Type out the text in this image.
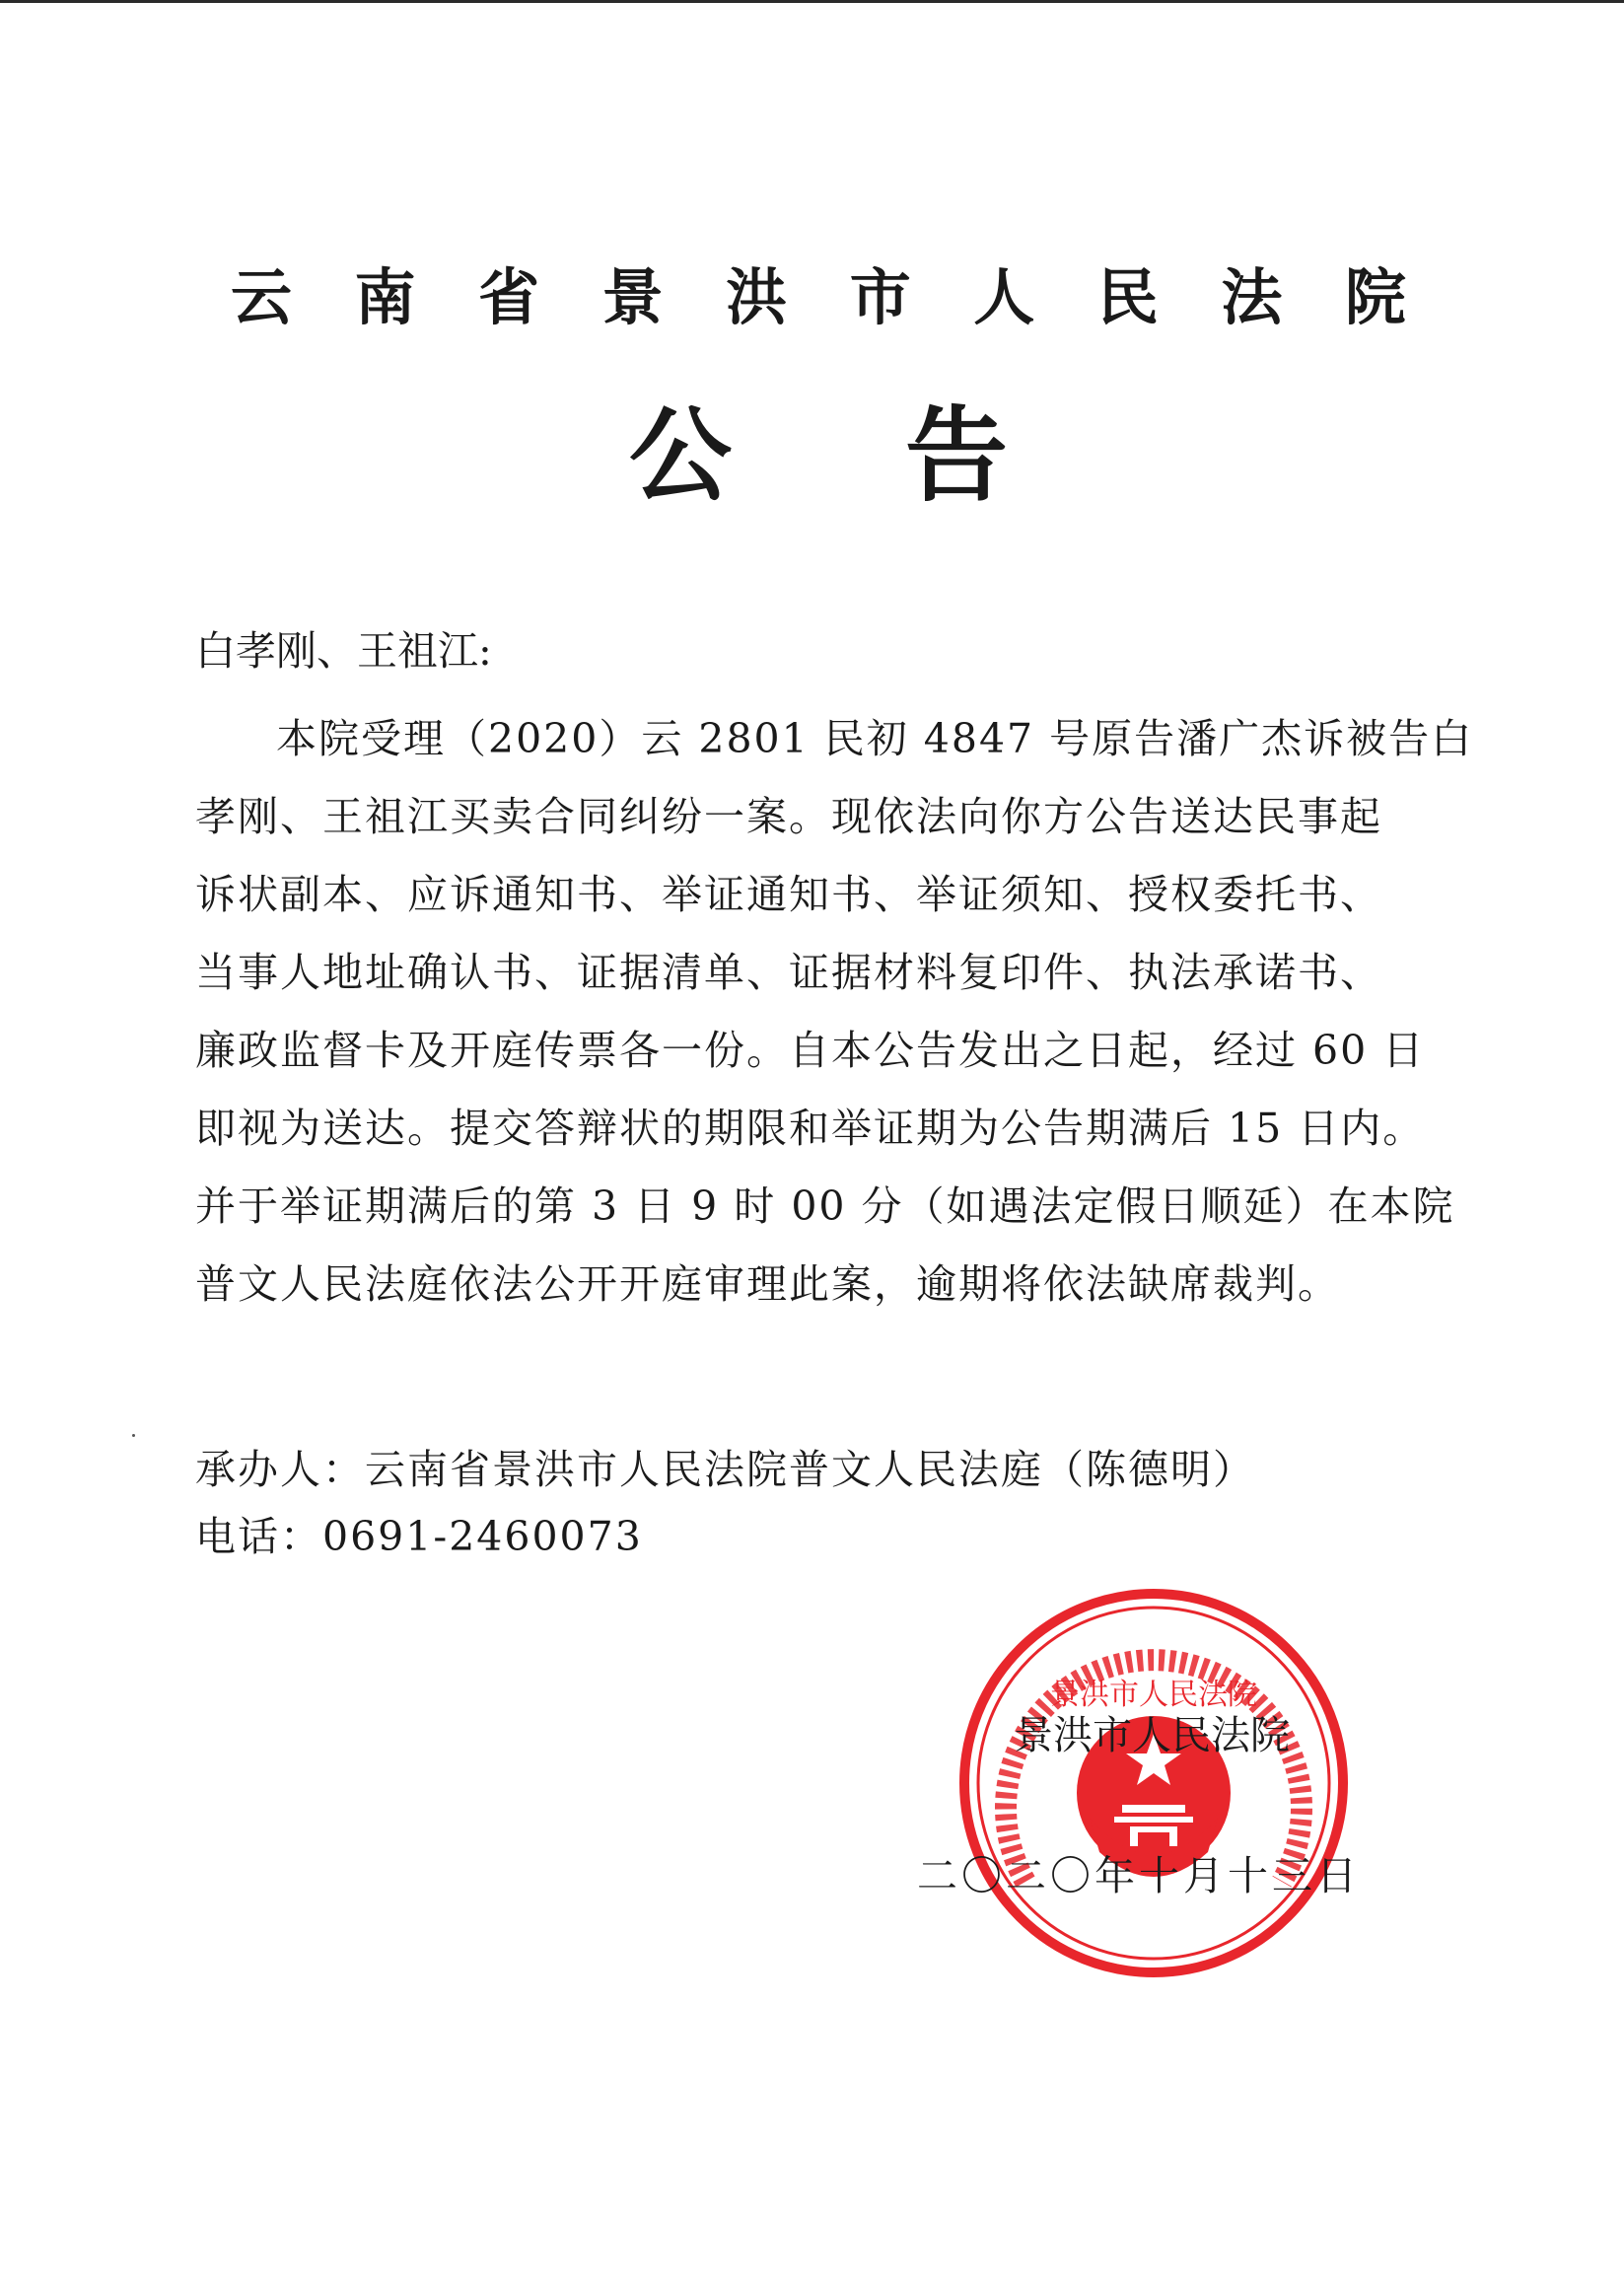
云 南 省 景 洪 市 人 民 法 院
公 告
白孝刚、王祖江:
本院受理（2020）云 2801 民初 4847 号原告潘广杰诉被告白
孝刚、王祖江买卖合同纠纷一案。现依法向你方公告送达民事起
诉状副本、应诉通知书、举证通知书、举证须知、授权委托书、
当事人地址确认书、证据清单、证据材料复印件、执法承诺书、
廉政监督卡及开庭传票各一份。自本公告发出之日起，经过 60 日
即视为送达。提交答辩状的期限和举证期为公告期满后 15 日内。
并于举证期满后的第 3 日 9 时 00 分（如遇法定假日顺延）在本院
普文人民法庭依法公开开庭审理此案，逾期将依法缺席裁判。
承办人：云南省景洪市人民法院普文人民法庭（陈德明）
电话：0691-2460073
景洪市人民法院
景洪市人民法院
二〇二〇年十月十三日
